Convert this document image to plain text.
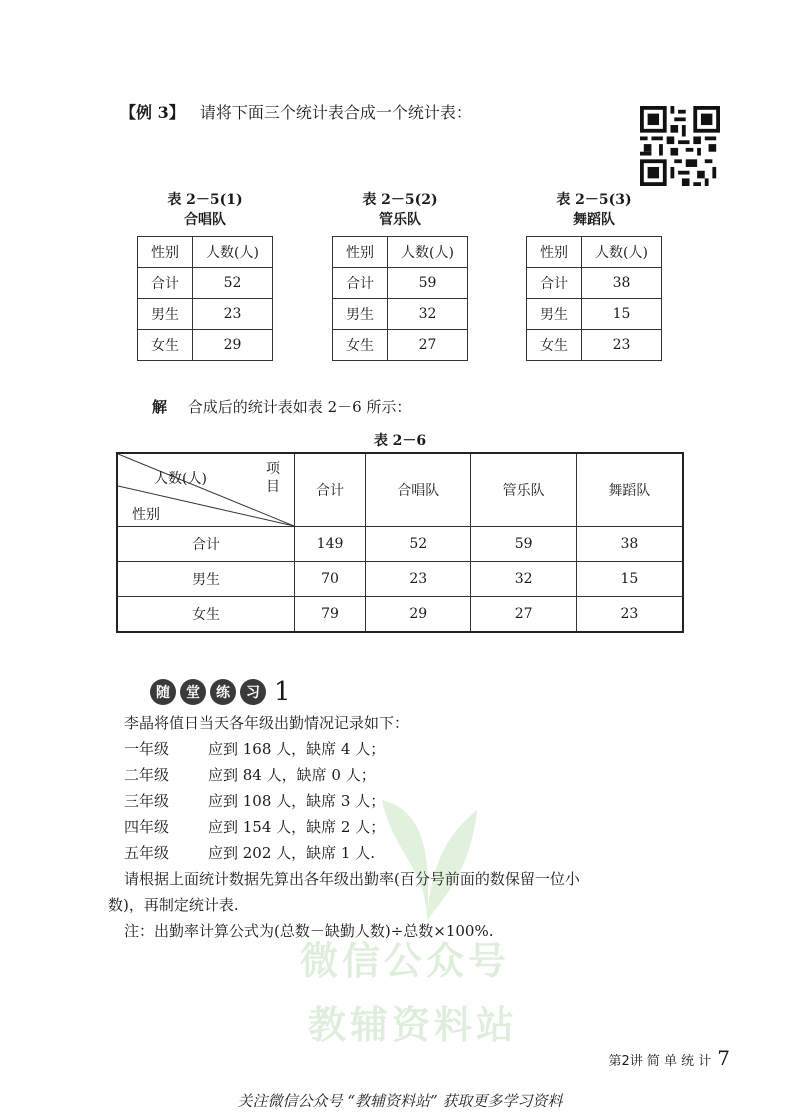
【例 3】 请将下面三个统计表合成一个统计表：
表 2－5(1)
合唱队
性别	人数(人)
合计	52
男生	23
女生	29
表 2－5(2)
管乐队
性别	人数(人)
合计	59
男生	32
女生	27
表 2－5(3)
舞蹈队
性别	人数(人)
合计	38
男生	15
女生	23
解 合成后的统计表如表 2－6 所示：
表 2－6
人数(人)
项目
性别	合计	合唱队	管乐队	舞蹈队
合计	149	52	59	38
男生	70	23	32	15
女生	79	29	27	23
微信公众号
教辅资料站
随	堂	练	习 1
李晶将值日当天各年级出勤情况记录如下：
一年级	应到 168 人，缺席 4 人；
二年级	应到 84 人，缺席 0 人；
三年级	应到 108 人，缺席 3 人；
四年级	应到 154 人，缺席 2 人；
五年级	应到 202 人，缺席 1 人.
请根据上面统计数据先算出各年级出勤率(百分号前面的数保留一位小
数)，再制定统计表.
注：出勤率计算公式为(总数－缺勤人数)÷总数×100%.
第2讲 简 单 统 计 7
关注微信公众号 “教辅资料站” 获取更多学习资料
